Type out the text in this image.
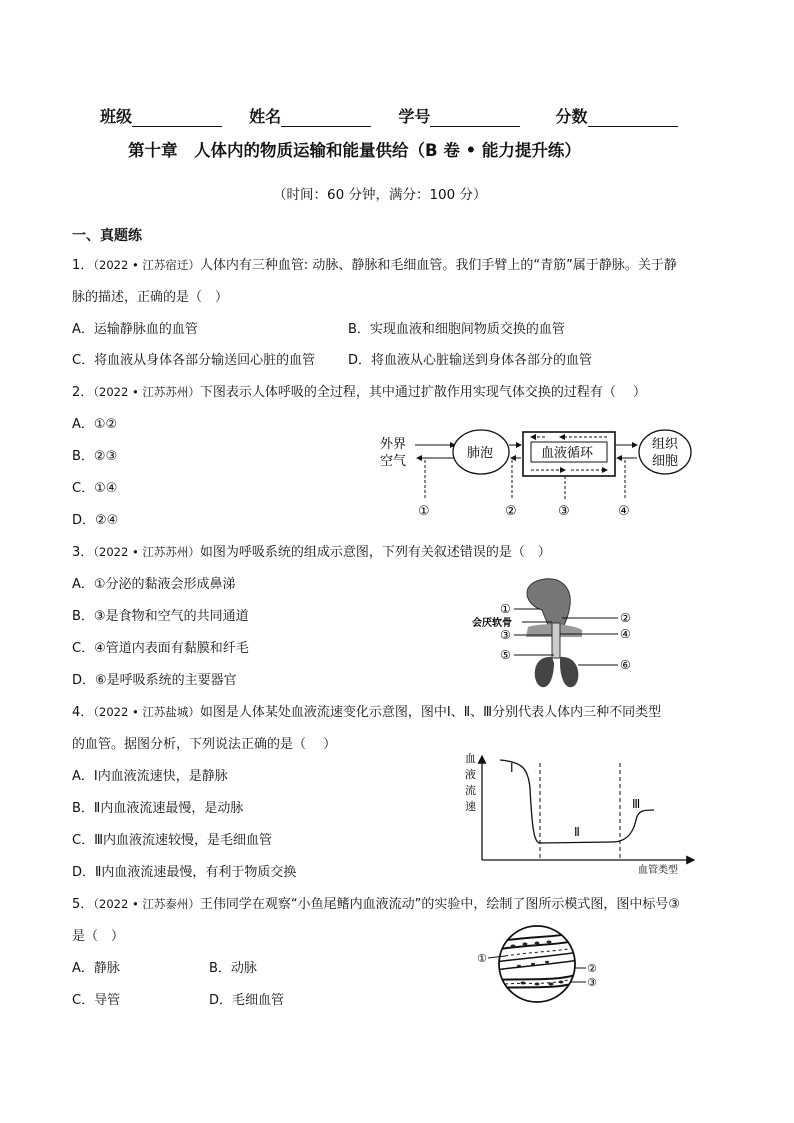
班级	姓名	学号	分数
第十章　人体内的物质运输和能量供给（B 卷 • 能力提升练）
（时间：60 分钟，满分：100 分）
一、真题练
1．（2022 • 江苏宿迁）人体内有三种血管: 动脉、静脉和毛细血管。我们手臂上的“青筋”属于静脉。关于静
脉的描述，正确的是（　）
A．运输静脉血的血管	B．实现血液和细胞间物质交换的血管
C．将血液从身体各部分输送回心脏的血管	D．将血液从心脏输送到身体各部分的血管
2．（2022 • 江苏苏州）下图表示人体呼吸的全过程，其中通过扩散作用实现气体交换的过程有（　 ）
A．①②
B．②③
C．①④
D．②④
外界
空气
肺泡	血液循环
组织
细胞
①	②	③	④
3．（2022 • 江苏苏州）如图为呼吸系统的组成示意图，下列有关叙述错误的是（　）
A．①分泌的黏液会形成鼻涕
B．③是食物和空气的共同通道
C．④管道内表面有黏膜和纤毛
D．⑥是呼吸系统的主要器官
①
会厌软骨
③
⑤
②
④
⑥
4．（2022 • 江苏盐城）如图是人体某处血液流速变化示意图，图中Ⅰ、Ⅱ、Ⅲ分别代表人体内三种不同类型
的血管。据图分析，下列说法正确的是（　 ）
A．Ⅰ内血液流速快，是静脉
B．Ⅱ内血液流速最慢，是动脉
C．Ⅲ内血液流速较慢，是毛细血管
D．Ⅱ内血液流速最慢，有利于物质交换
血
液
流
速
Ⅰ
Ⅱ
Ⅲ
血管类型
5．（2022 • 江苏泰州）王伟同学在观察“小鱼尾鳍内血液流动”的实验中，绘制了图所示模式图，图中标号③
是（　）
A．静脉	B．动脉
C．导管	D．毛细血管
①
②
③
